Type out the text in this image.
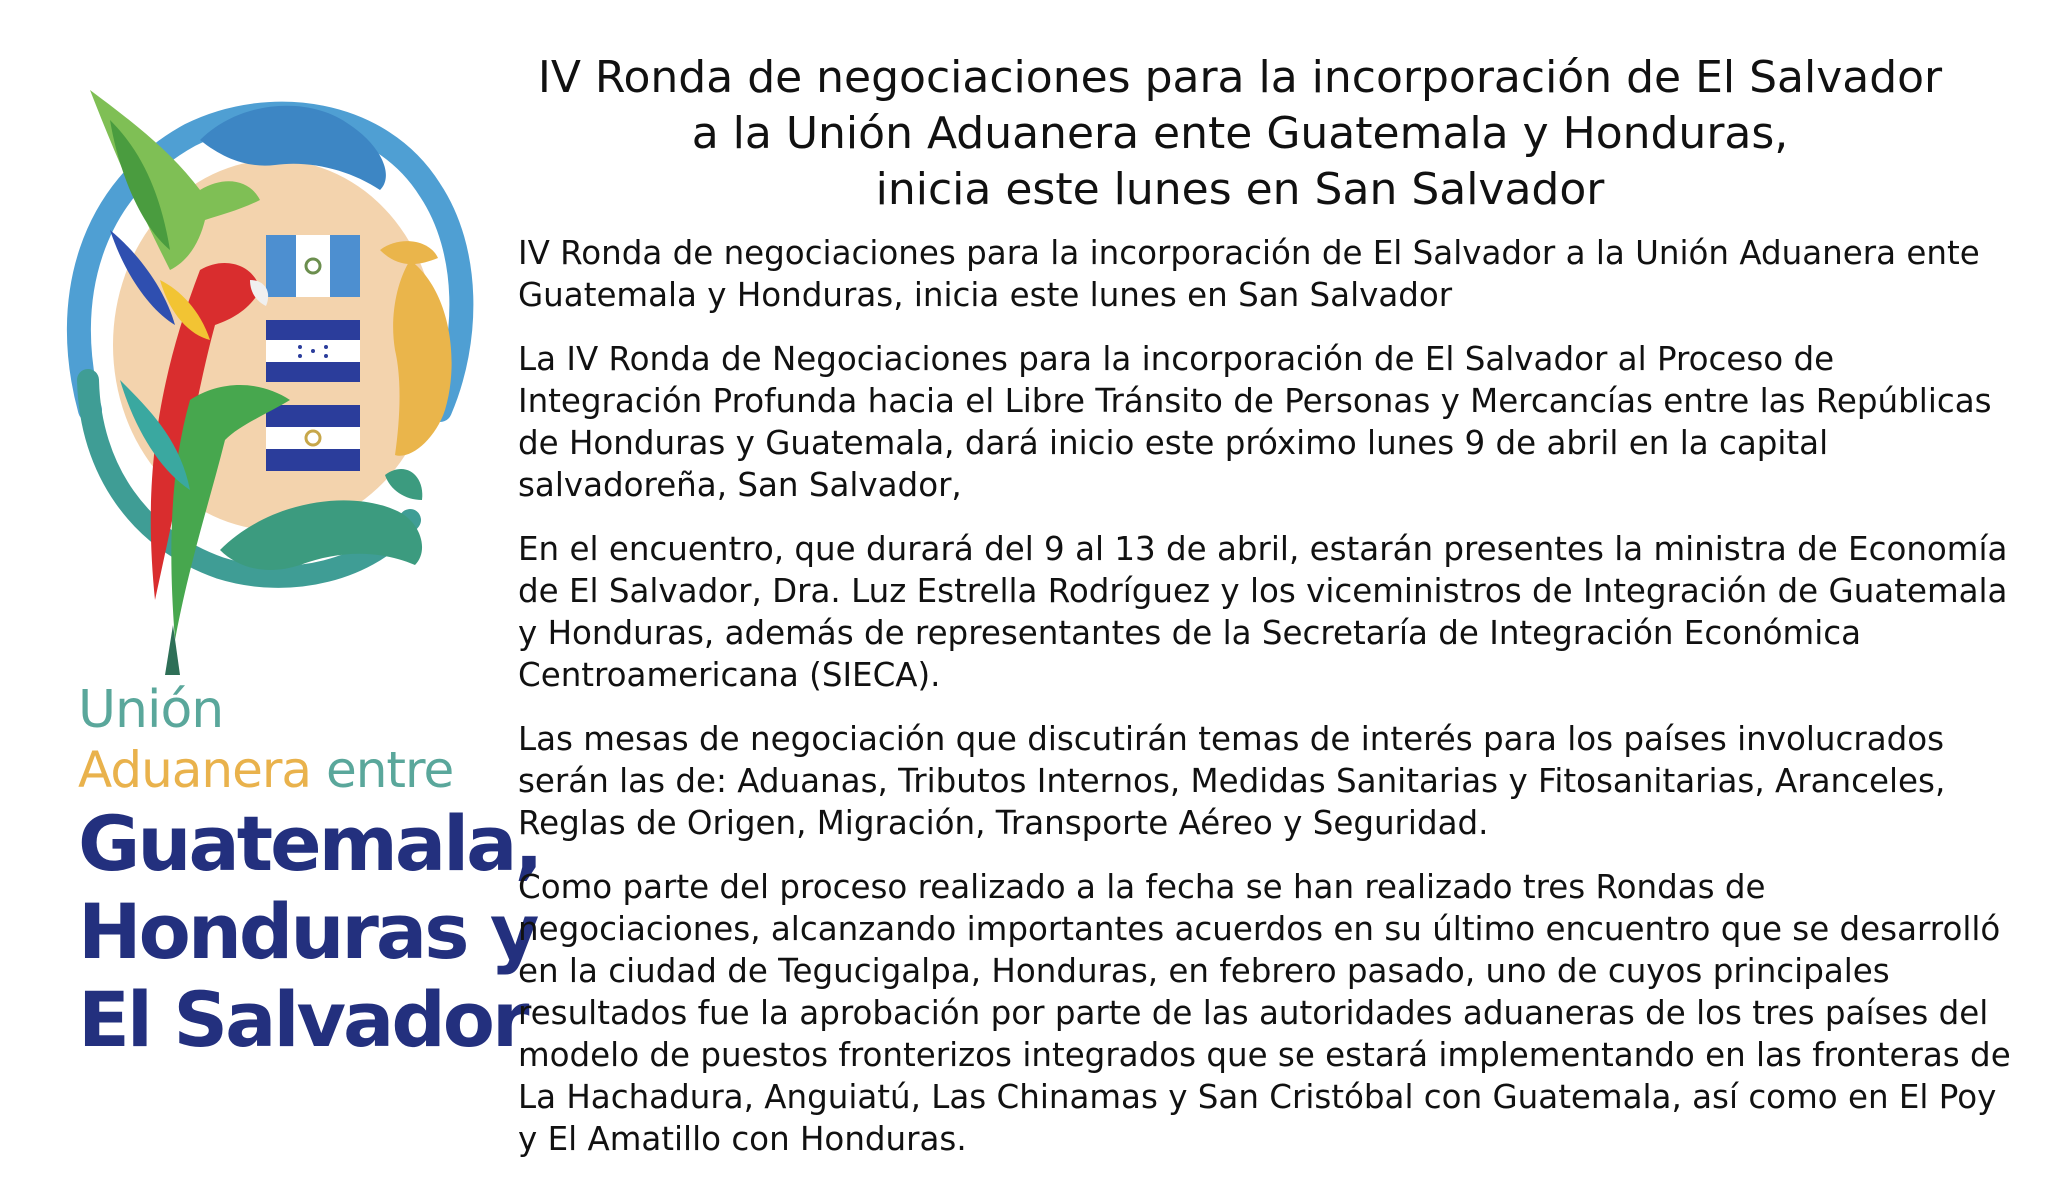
Unión
Aduanera entre
Guatemala,
Honduras y
El Salvador
IV Ronda de negociaciones para la incorporación de El Salvador
a la Unión Aduanera ente Guatemala y Honduras,
inicia este lunes en San Salvador

IV Ronda de negociaciones para la incorporación de El Salvador a la Unión Aduanera ente Guatemala y Honduras, inicia este lunes en San Salvador

La IV Ronda de Negociaciones para la incorporación de El Salvador al Proceso de Integración Profunda hacia el Libre Tránsito de Personas y Mercancías entre las Repúblicas de Honduras y Guatemala, dará inicio este próximo lunes 9 de abril en la capital salvadoreña, San Salvador,

En el encuentro, que durará del 9 al 13 de abril, estarán presentes la ministra de Economía de El Salvador, Dra. Luz Estrella Rodríguez y los viceministros de Integración de Guatemala y Honduras, además de representantes de la Secretaría de Integración Económica Centroamericana (SIECA).

Las mesas de negociación que discutirán temas de interés para los países involucrados serán las de: Aduanas, Tributos Internos, Medidas Sanitarias y Fitosanitarias, Aranceles, Reglas de Origen, Migración, Transporte Aéreo y Seguridad.

Como parte del proceso realizado a la fecha se han realizado tres Rondas de negociaciones, alcanzando importantes acuerdos en su último encuentro que se desarrolló en la ciudad de Tegucigalpa, Honduras, en febrero pasado, uno de cuyos principales resultados fue la aprobación por parte de las autoridades aduaneras de los tres países del modelo de puestos fronterizos integrados que se estará implementando en las fronteras de La Hachadura, Anguiatú, Las Chinamas y San Cristóbal con Guatemala, así como en El Poy y El Amatillo con Honduras.
